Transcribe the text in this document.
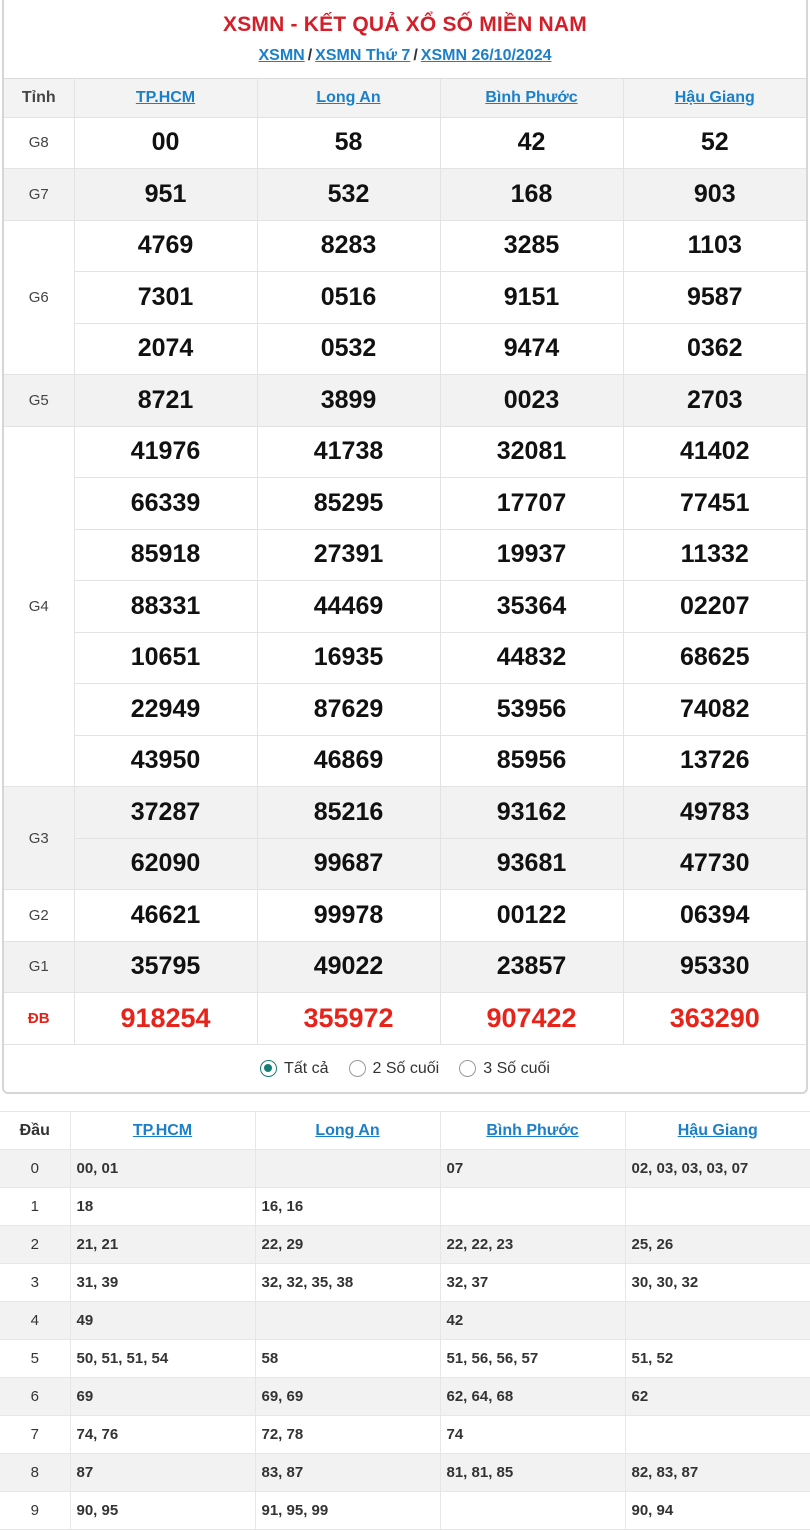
XSMN - KẾT QUẢ XỔ SỐ MIỀN NAM
XSMN / XSMN Thứ 7 / XSMN 26/10/2024
Tỉnh	TP.HCM	Long An	Bình Phước	Hậu Giang
G8	00	58	42	52
G7	951	532	168	903
G6	4769	8283	3285	1103
	7301	0516	9151	9587
	2074	0532	9474	0362
G5	8721	3899	0023	2703
G4	41976	41738	32081	41402
	66339	85295	17707	77451
	85918	27391	19937	11332
	88331	44469	35364	02207
	10651	16935	44832	68625
	22949	87629	53956	74082
	43950	46869	85956	13726
G3	37287	85216	93162	49783
	62090	99687	93681	47730
G2	46621	99978	00122	06394
G1	35795	49022	23857	95330
ĐB	918254	355972	907422	363290
Tất cả	2 Số cuối	3 Số cuối
Đầu	TP.HCM	Long An	Bình Phước	Hậu Giang
0	00, 01		07	02, 03, 03, 03, 07
1	18	16, 16		
2	21, 21	22, 29	22, 22, 23	25, 26
3	31, 39	32, 32, 35, 38	32, 37	30, 30, 32
4	49		42	
5	50, 51, 51, 54	58	51, 56, 56, 57	51, 52
6	69	69, 69	62, 64, 68	62
7	74, 76	72, 78	74	
8	87	83, 87	81, 81, 85	82, 83, 87
9	90, 95	91, 95, 99		90, 94
